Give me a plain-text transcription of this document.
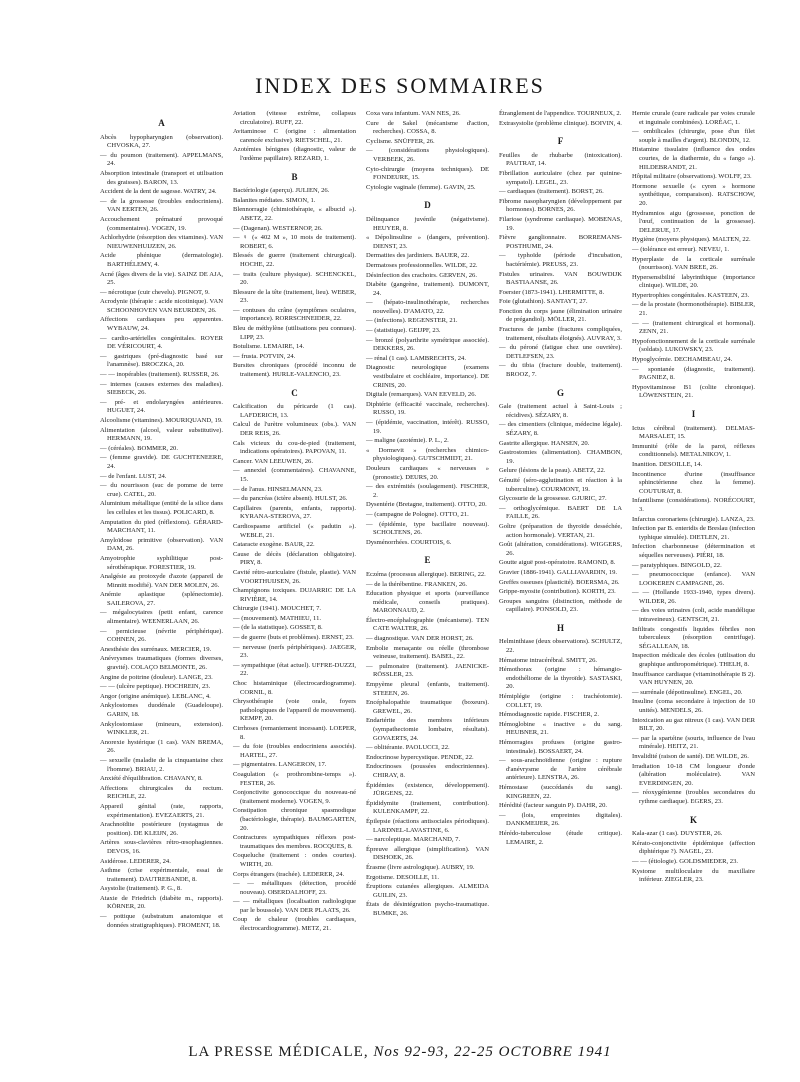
INDEX DES SOMMAIRES
A
Abcès hypopharyngien (observation). CHVOSKA, 27.
— du poumon (traitement). APPELMANS, 24.
Absorption intestinale (transport et utilisation des graisses). BARON, 13.
Accident de la dent de sagesse. WATRY, 24.
— de la grossesse (troubles endocriniens). VAN EERTEN, 26.
Accouchement prématuré provoqué (commentaires). VOGEN, 19.
Achlorhydrie (résorption des vitamines). VAN NIEUWENHUIJZEN, 26.
Acide phénique (dermatologie). BARTHÉLEMY, 4.
Acné (âges divers de la vie). SAINZ DE AJA, 25.
— nécrotique (cuir chevelu). PIGNOT, 9.
Acrodynie (thérapie : acide nicotinique). VAN SCHOONHOVEN VAN BEURDEN, 26.
Affections cardiaques peu apparentes. WYBAUW, 24.
— cardio-artérielles congénitales. ROYER DE VÉRICOURT, 4.
— gastriques (pré-diagnostic basé sur l'anamnèse). BROCZKA, 20.
— — inopérables (traitement). RUSSER, 26.
— internes (causes externes des maladies). SIEBECK, 26.
— pré- et endolaryngées antérieures. HUGUET, 24.
Alcoolisme (vitamines). MOURIQUAND, 19.
Alimentation (alcool, valeur substitutive). HERMANN, 19.
— (céréales). BOMMER, 20.
— (femme gravide). DE GUCHTENEERE, 24.
— de l'enfant. LUST, 24.
— du nourrisson (suc de pomme de terre crue). CATEL, 20.
Aluminium métallique (entité de la silice dans les cellules et les tissus). POLICARD, 8.
Amputation du pied (réflexions). GÉRARD-MARCHANT, 11.
Amyloïdose primitive (observation). VAN DAM, 26.
Amyotrophie syphilitique post-sérothérapique. FORESTIER, 19.
Analgésie au protoxyde d'azote (appareil de Minnitt modifié). VAN DER MOLEN, 26.
Anémie aplastique (splénectomie). SAILEROVA, 27.
— mégalocytaires (petit enfant, carence alimentaire). WEENERLAAN, 26.
— pernicieuse (névrite périphérique). COHNEN, 26.
Anesthésie des surrénaux. MERCIER, 19.
Anévrysmes traumatiques (formes diverses, gravité). COLAÇO BELMONTE, 26.
Angine de poitrine (douleur). LANGE, 23.
— — (ulcère peptique). HOCHREIN, 23.
Angor (origine anémique). LEBLANC, 4.
Ankylostomes duodénale (Guadeloupe). GARIN, 18.
Ankylostomiase (mineurs, extension). WINKLER, 21.
Anorexie hystérique (1 cas). VAN BREMA, 26.
— sexuelle (maladie de la cinquantaine chez l'homme). BRIAU, 2.
Anxiété d'équilibration. CHAVANY, 8.
Affections chirurgicales du rectum. REICHLE, 22.
Appareil génital (rate, rapports, expérimentation). EVEZAERTS, 21.
Arachnoïdite postérieure (nystagmus de position). DE KLEIJN, 26.
Artères sous-clavières rétro-œsophagiennes. DEVOS, 16.
Asidérose. LEDERER, 24.
Asthme (crise expérimentale, essai de traitement). DAUTREBANDE, 8.
Asystolie (traitement). P. G., 8.
Ataxie de Friedrich (diabète m., rapports). KÖRNER, 20.
— pottique (substratum anatomique et données stratigraphiques). FROMENT, 18.
Aviation (vitesse extrême, collapsus circulatoire). RUFF, 22.
Avitaminose C (origine : alimentation carencée exclusive). RIETSCHEL, 21.
Azotémies bénignes (diagnostic, valeur de l'œdème papillaire). REZARD, 1.
B
Bactériologie (aperçu). JULIEN, 26.
Balanites médiates. SIMON, 1.
Blennorragie (chimiothérapie, « albucid »). ABETZ, 22.
— (Dagenan). WESTERNOP, 26.
— ♀ (« 402 M », 10 mois de traitement). ROBERT, 6.
Blessés de guerre (traitement chirurgical). HOCHE, 22.
— traits (culture physique). SCHENCKEL, 20.
Blessure de la tête (traitement, lieu). WEBER, 23.
— contuses du crâne (symptômes oculaires, importance). RORRSCHNEIDER, 22.
Bleu de méthylène (utilisations peu connues). LIPP, 23.
Botulisme. LEMAIRE, 14.
— frusta. POTVIN, 24.
Bursites chroniques (procédé inconnu de traitement). HURLE-VALENCIO, 23.
C
Calcification du péricarde (1 cas). LAFDERICH, 13.
Calcul de l'urètre volumineux (obs.). VAN DER REIS, 26.
Cals vicieux du cou-de-pied (traitement, indications opératoires). PAPOVAN, 11.
Cancer. VAN LEEUWEN, 26.
— annexiel (commentaires). CHAVANNE, 15.
— de l'anus. HINSELMANN, 23.
— du pancréas (ictère absent). HULST, 26.
Capillaires (parents, enfants, rapports). KYRANA-STEROVA, 27.
Cardiospasme artificiel (« padutin »). WEBLE, 21.
Cataracte exogène. BAUR, 22.
Cause de décès (déclaration obligatoire). PIRY, 8.
Cavité rétro-auriculaire (fistule, plastie). VAN VOORTHUIJSEN, 26.
Champignons toxiques. DUJARRIC DE LA RIVIÈRE, 14.
Chirurgie (1941). MOUCHET, 7.
— (mouvement). MATHIEU, 11.
— (de la statistique). GOSSET, 8.
— de guerre (buts et problèmes). ERNST, 23.
— nerveuse (nerfs périphériques). JAEGER, 23.
— sympathique (état actuel). UFFRE-DUZZI, 22.
Choc histaminique (électrocardiogramme). CORNIL, 8.
Chrysothérapie (voie orale, foyers pathologiques de l'appareil de mouvement). KEMPF, 20.
Cirrhoses (remaniement incessant). LOEPER, 8.
— du foie (troubles endocriniens associés). HARTEL, 27.
— pigmentaires. LANGERON, 17.
Coagulation (« prothrombine-temps »). FESTER, 26.
Conjonctivite gonococcique du nouveau-né (traitement moderne). VOGEN, 9.
Constipation chronique spasmodique (bactériologie, thérapie). BAUMGARTEN, 20.
Contractures sympathiques réflexes post-traumatiques des membres. ROCQUES, 8.
Coqueluche (traitement : ondes courtes). WIRTH, 20.
Corps étrangers (trachée). LEDERER, 24.
— — métalliques (détection, procédé nouveau). OBERDALHOFF, 23.
— — métalliques (localisation radiologique par le boussole). VAN DER PLAATS, 26.
Coup de chaleur (troubles cardiaques, électrocardiogramme). METZ, 21.
Coxa vara infantum. VAN NES, 26.
Cure de Sakel (mécanisme d'action, recherches). COSSA, 8.
Cyclisme. SNÜFFER, 26.
— (considérations physiologiques). VERBEEK, 26.
Cyto-chirurgie (moyens techniques). DE FONDEURE, 15.
Cytologie vaginale (femme). GAVIN, 25.
D
Délinquance juvénile (négativisme). HEUYER, 8.
« Dépolinsuline » (dangers, prévention). DIENST, 23.
Dermatites des jardiniers. BAUER, 22.
Dermatoses professionnelles. WILDE, 22.
Désinfection des crachoirs. GERVEN, 26.
Diabète (gangrène, traitement). DUMONT, 24.
— (hépato-insulinothérapie, recherches nouvelles). D'AMATO, 22.
— (infections). REGENSTER, 21.
— (statistique). GEIJPF, 23.
— bronzé (polyarthrite symétrique associée). DEKKERS, 26.
— rénal (1 cas). LAMBRECHTS, 24.
Diagnostic neurologique (examens vestibulaire et cochléaire, importance). DE CRINIS, 20.
Digitale (remarques). VAN EEVELD, 26.
Diphtérie (efficacité vaccinale, recherches). RUSSO, 19.
— (épidémie, vaccination, intérêt). RUSSO, 19.
— maligne (azotémie). P. L., 2.
« Dormevit » (recherches chimico-physiologiques). GUTSCHMIDT, 21.
Douleurs cardiaques « nerveuses » (pronostic). DEURS, 20.
— des extrémités (soulagement). FISCHER, 2.
Dysentérie (Bretagne, traitement). OTTO, 20.
— (campagne de Pologne). OTTO, 21.
— (épidémie, type bacillaire nouveau). SCHOLTENS, 26.
Dysménorrhées. COURTOIS, 6.
E
Eczéma (processus allergique). BERING, 22.
— de la thérébentine. FRANKEN, 26.
Education physique et sports (surveillance médicale, conseils pratiques). MARONNAUD, 2.
Électro-encéphalographie (mécanisme). TEN CATE WALTER, 26.
— diagnostique. VAN DER HORST, 26.
Embolie menaçante ou réelle (thrombose veineuse, traitement). BABEL, 22.
— pulmonaire (traitement). JAENICKE-RÖSSLER, 23.
Empyème pleural (enfants, traitement). STEEEN, 26.
Encéphalopathie traumatique (boxeurs). GREWEL, 26.
Endartérite des membres inférieurs (sympathectomie lombaire, résultats). GOVAERTS, 24.
— oblitérante. PAOLUCCI, 22.
Endocrinose hypercystique. PENDE, 22.
Endocrinoses (poussées endocriniennes). CHIRAY, 8.
Épidémies (existence, développement). JÜRGENS, 22.
Épididymite (traitement, contribution). KULENKAMPF, 22.
Épilepsie (réactions antisociales périodiques). LARDNEL-LAVASTINE, 6.
— narcoleptique. MARCHAND, 7.
Épreuve allergique (simplification). VAN DISHOEK, 26.
Érasme (livre astrologique). AUBRY, 19.
Ergotisme. DESOILLE, 11.
Éruptions cutanées allergiques. ALMEIDA GUILIN, 23.
États de désintégration psycho-traumatique. BUMKE, 26.
Étranglement de l'appendice. TOURNEUX, 2.
Extrasystolie (problème clinique). BOIVIN, 4.
F
Feuilles de rhubarbe (intoxication). PAUTRAT, 14.
Fibrillation auriculaire (chez par quinine-sympatol). LEGEL, 23.
— cardiaques (traitement). BORST, 26.
Fibrome nasopharyngien (développement par hormones). BORNES, 26.
Filariose (syndrome cardiaque). MOBENAS, 19.
Fièvre ganglionnaire. BORREMANS-POSTHUME, 24.
— typhoïde (période d'incubation, bactériémie). PREUSS, 23.
Fistules urinaires. VAN BOUWDIJK BASTIAANSE, 26.
Foerster (1873-1941). LHERMITTE, 8.
Foie (glutathion). SANTAYT, 27.
Fonction du corps jaune (élimination urinaire de prégandiol). MÖLLER, 21.
Fractures de jambe (fractures compliquées, traitement, résultats éloignés). AUVRAY, 3.
— du péroné (fatigue chez une ouvrière). DETLEFSEN, 23.
— du tibia (fracture double, traitement). BROOZ, 7.
G
Gale (traitement actuel à Saint-Louis ; récidives). SÉZARY, 8.
— des cimentiers (clinique, médecine légale). SÉZARY, 8.
Gastrite allergique. HANSEN, 20.
Gastrostomies (alimentation). CHAMBON, 19.
Gelure (lésions de la peau). ABETZ, 22.
Génuité (séro-agglutination et réaction à la tuberculine). COURMONT, 19.
Glycosurie de la grossesse. GJURIC, 27.
— orthoglycémique. BAERT DE LA FAILLE, 26.
Goître (préparation de thyroïde desséchée, action hormonale). VERTAN, 21.
Goût (altération, considérations). WIGGERS, 26.
Goutte aiguë post-opératoire. RAMOND, 8.
Gravier (1886-1941). GALLIAVARDIN, 19.
Greffes osseuses (plasticité). BOERSMA, 26.
Grippe-myosite (contribution). KORTH, 23.
Groupes sanguins (distinction, méthode de capillaire). PONSOLD, 23.
H
Helminthiase (deux observations). SCHULTZ, 22.
Hématome intracérébral. SMITT, 26.
Hémothorax (origine : hémangio-endothéliome de la thyroïde). SASTASKI, 20.
Hémiplégie (origine : trachéotomie). COLLET, 19.
Hémodiagnostic rapide. FISCHER, 2.
Hémoglobine « inactive » du sang. HEUBNER, 21.
Hémorragies profuses (origine gastro-intestinale). BOSSAERT, 24.
— sous-arachnoïdienne (origine : rupture d'anévrysme de l'artère cérébrale antérieure). LENSTRA, 26.
Hémostase (succédanés du sang). KINGREEN, 22.
Hérédité (facteur sanguin P). DAHR, 20.
— (lois, empreintes digitales). DANKMEIJER, 26.
Hérédo-tuberculose (étude critique). LEMAIRE, 2.
Hernie crurale (cure radicale par voies crurale et inguinale combinées). LORÉAC, 1.
— ombilicales (chirurgie, pose d'un filet souple à mailles d'argent). BLONDIN, 12.
Histamine tissulaire (influence des ondes courtes, de la diathermie, du « fango »). HILDEBRANDT, 21.
Hôpital militaire (observations). WOLFF, 23.
Hormone sexuelle (« cyren » hormone synthétique, comparaison). RATSCHOW, 20.
Hydramnios aigu (grossesse, ponction de l'œuf, continuation de la grossesse). DELERUE, 17.
Hygiène (moyens physiques). MALTEN, 22.
— (tolérance est erreur). NEVEU, 1.
Hyperplasie de la corticale surrénale (nourrisson). VAN BREE, 26.
Hypersensibilité labyrinthique (importance clinique). WILDE, 20.
Hypertrophies congénitales. KASTEEN, 23.
— de la prostate (hormonothérapie). BIBLER, 21.
— — (traitement chirurgical et hormonal). ZENN, 21.
Hypofonctionnement de la corticale surrénale (soldats). LUKOWSKY, 23.
Hypoglycémie. DECHAMBEAU, 24.
— spontanée (diagnostic, traitement). PAGNIEZ, 8.
Hypovitaminose B1 (colite chronique). LÖWENSTEIN, 21.
I
Ictus cérébral (traitement). DELMAS-MARSALET, 15.
Immunité (rôle de la paroi, réflexes conditionnels). METALNIKOV, 1.
Inanition. DESOILLE, 14.
Incontinence d'urine (insuffisance sphinctérienne chez la femme). COUTURAT, 8.
Infantilisme (considérations). NORÉCOURT, 3.
Infarctus coronariens (chirurgie). LANZA, 23.
Infection par B. enteridis de Breslau (infection typhique simulée). DIETLEN, 21.
Infection charbonneuse (détermination et séquelles nerveuses). PIÉRI, 18.
— paratyphiques. BINGOLD, 22.
— pneumococcique (enfance). VAN LOOKEREN CAMPAGNE, 26.
— — (Hollande 1933-1940, types divers). WILDER, 26.
— des voies urinaires (coli, acide mandélique intraveineux). GENTSCH, 21.
Infiltrats congestifs liquides fébriles non tuberculeux (résorption centrifuge). SÉGALLEAN, 18.
Inspection médicale des écoles (utilisation du graphique anthropométrique). THELH, 8.
Insuffisance cardiaque (vitaminothérapie B 2). VAN HUYNEN, 20.
— surrénale (dépotinsuline). ENGEL, 20.
Insuline (coma secondaire à injection de 10 unités). MENDELS, 26.
Intoxication au gaz nitreux (1 cas). VAN DER BILT, 20.
— par la spartéine (souris, influence de l'eau minérale). HEITZ, 21.
Invalidité (raison de santé). DE WILDE, 26.
Irradiation 10-18 CM longueur d'onde (altération moléculaire). VAN EVERDINGEN, 20.
— réoxygénienne (troubles secondaires du rythme cardiaque). EGERS, 23.
K
Kala-azar (1 cas). DUYSTER, 26.
Kérato-conjonctivite épidémique (affection diphtérique ?). NAGEL, 23.
— — (étiologie). GOLDSMIEDER, 23.
Kystome multiloculaire du maxillaire inférieur. ZIEGLER, 23.
LA PRESSE MÉDICALE, Nos 92-93, 22-25 OCTOBRE 1941
